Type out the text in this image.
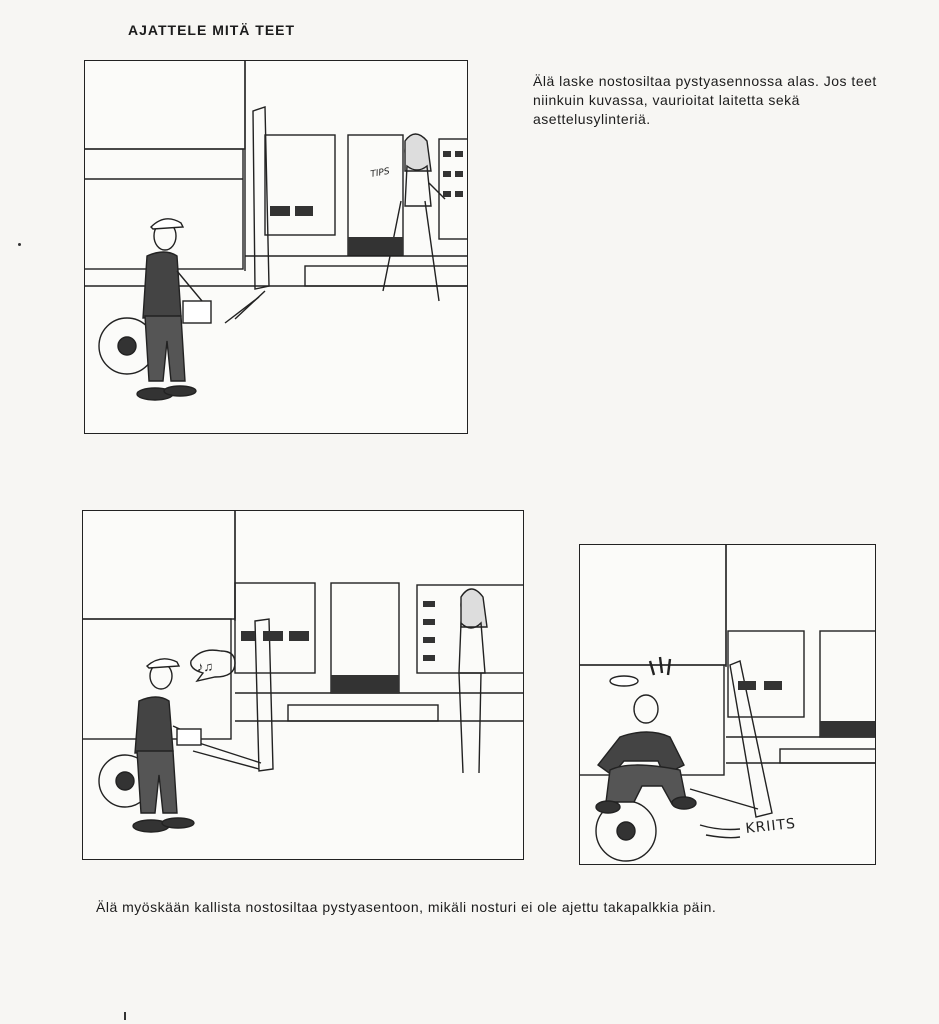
AJATTELE MITÄ TEET
Älä laske nostosiltaa pystyasennossa alas. Jos teet niinkuin kuvassa, vaurioitat laitetta sekä asettelusylinteriä.
TIPS
♪♫
KRIITS
Älä myöskään kallista nostosiltaa pystyasentoon, mikäli nosturi ei ole ajettu takapalkkia päin.
